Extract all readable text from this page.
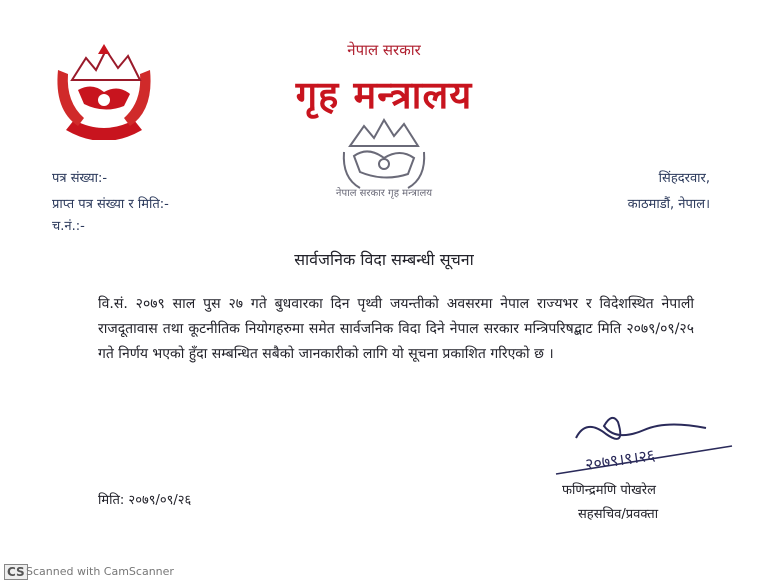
नेपाल सरकार
गृह मन्त्रालय
नेपाल सरकार गृह मन्त्रालय
पत्र संख्या:-
प्राप्त पत्र संख्या र मिति:-
च.नं.:-
सिंहदरवार,
काठमाडौं, नेपाल।
सार्वजनिक विदा सम्बन्धी सूचना
वि.सं. २०७९ साल पुस २७ गते बुधवारका दिन पृथ्वी जयन्तीको अवसरमा नेपाल राज्यभर र विदेशस्थित नेपाली राजदूतावास तथा कूटनीतिक नियोगहरुमा समेत सार्वजनिक विदा दिने नेपाल सरकार मन्त्रिपरिषद्बाट मिति २०७९/०९/२५ गते निर्णय भएको हुँदा सम्बन्धित सबैको जानकारीको लागि यो सूचना प्रकाशित गरिएको छ ।
२०७९।९।२६
मिति: २०७९/०९/२६
फणिन्द्रमणि पोखरेल
सहसचिव/प्रवक्ता
CS Scanned with CamScanner
